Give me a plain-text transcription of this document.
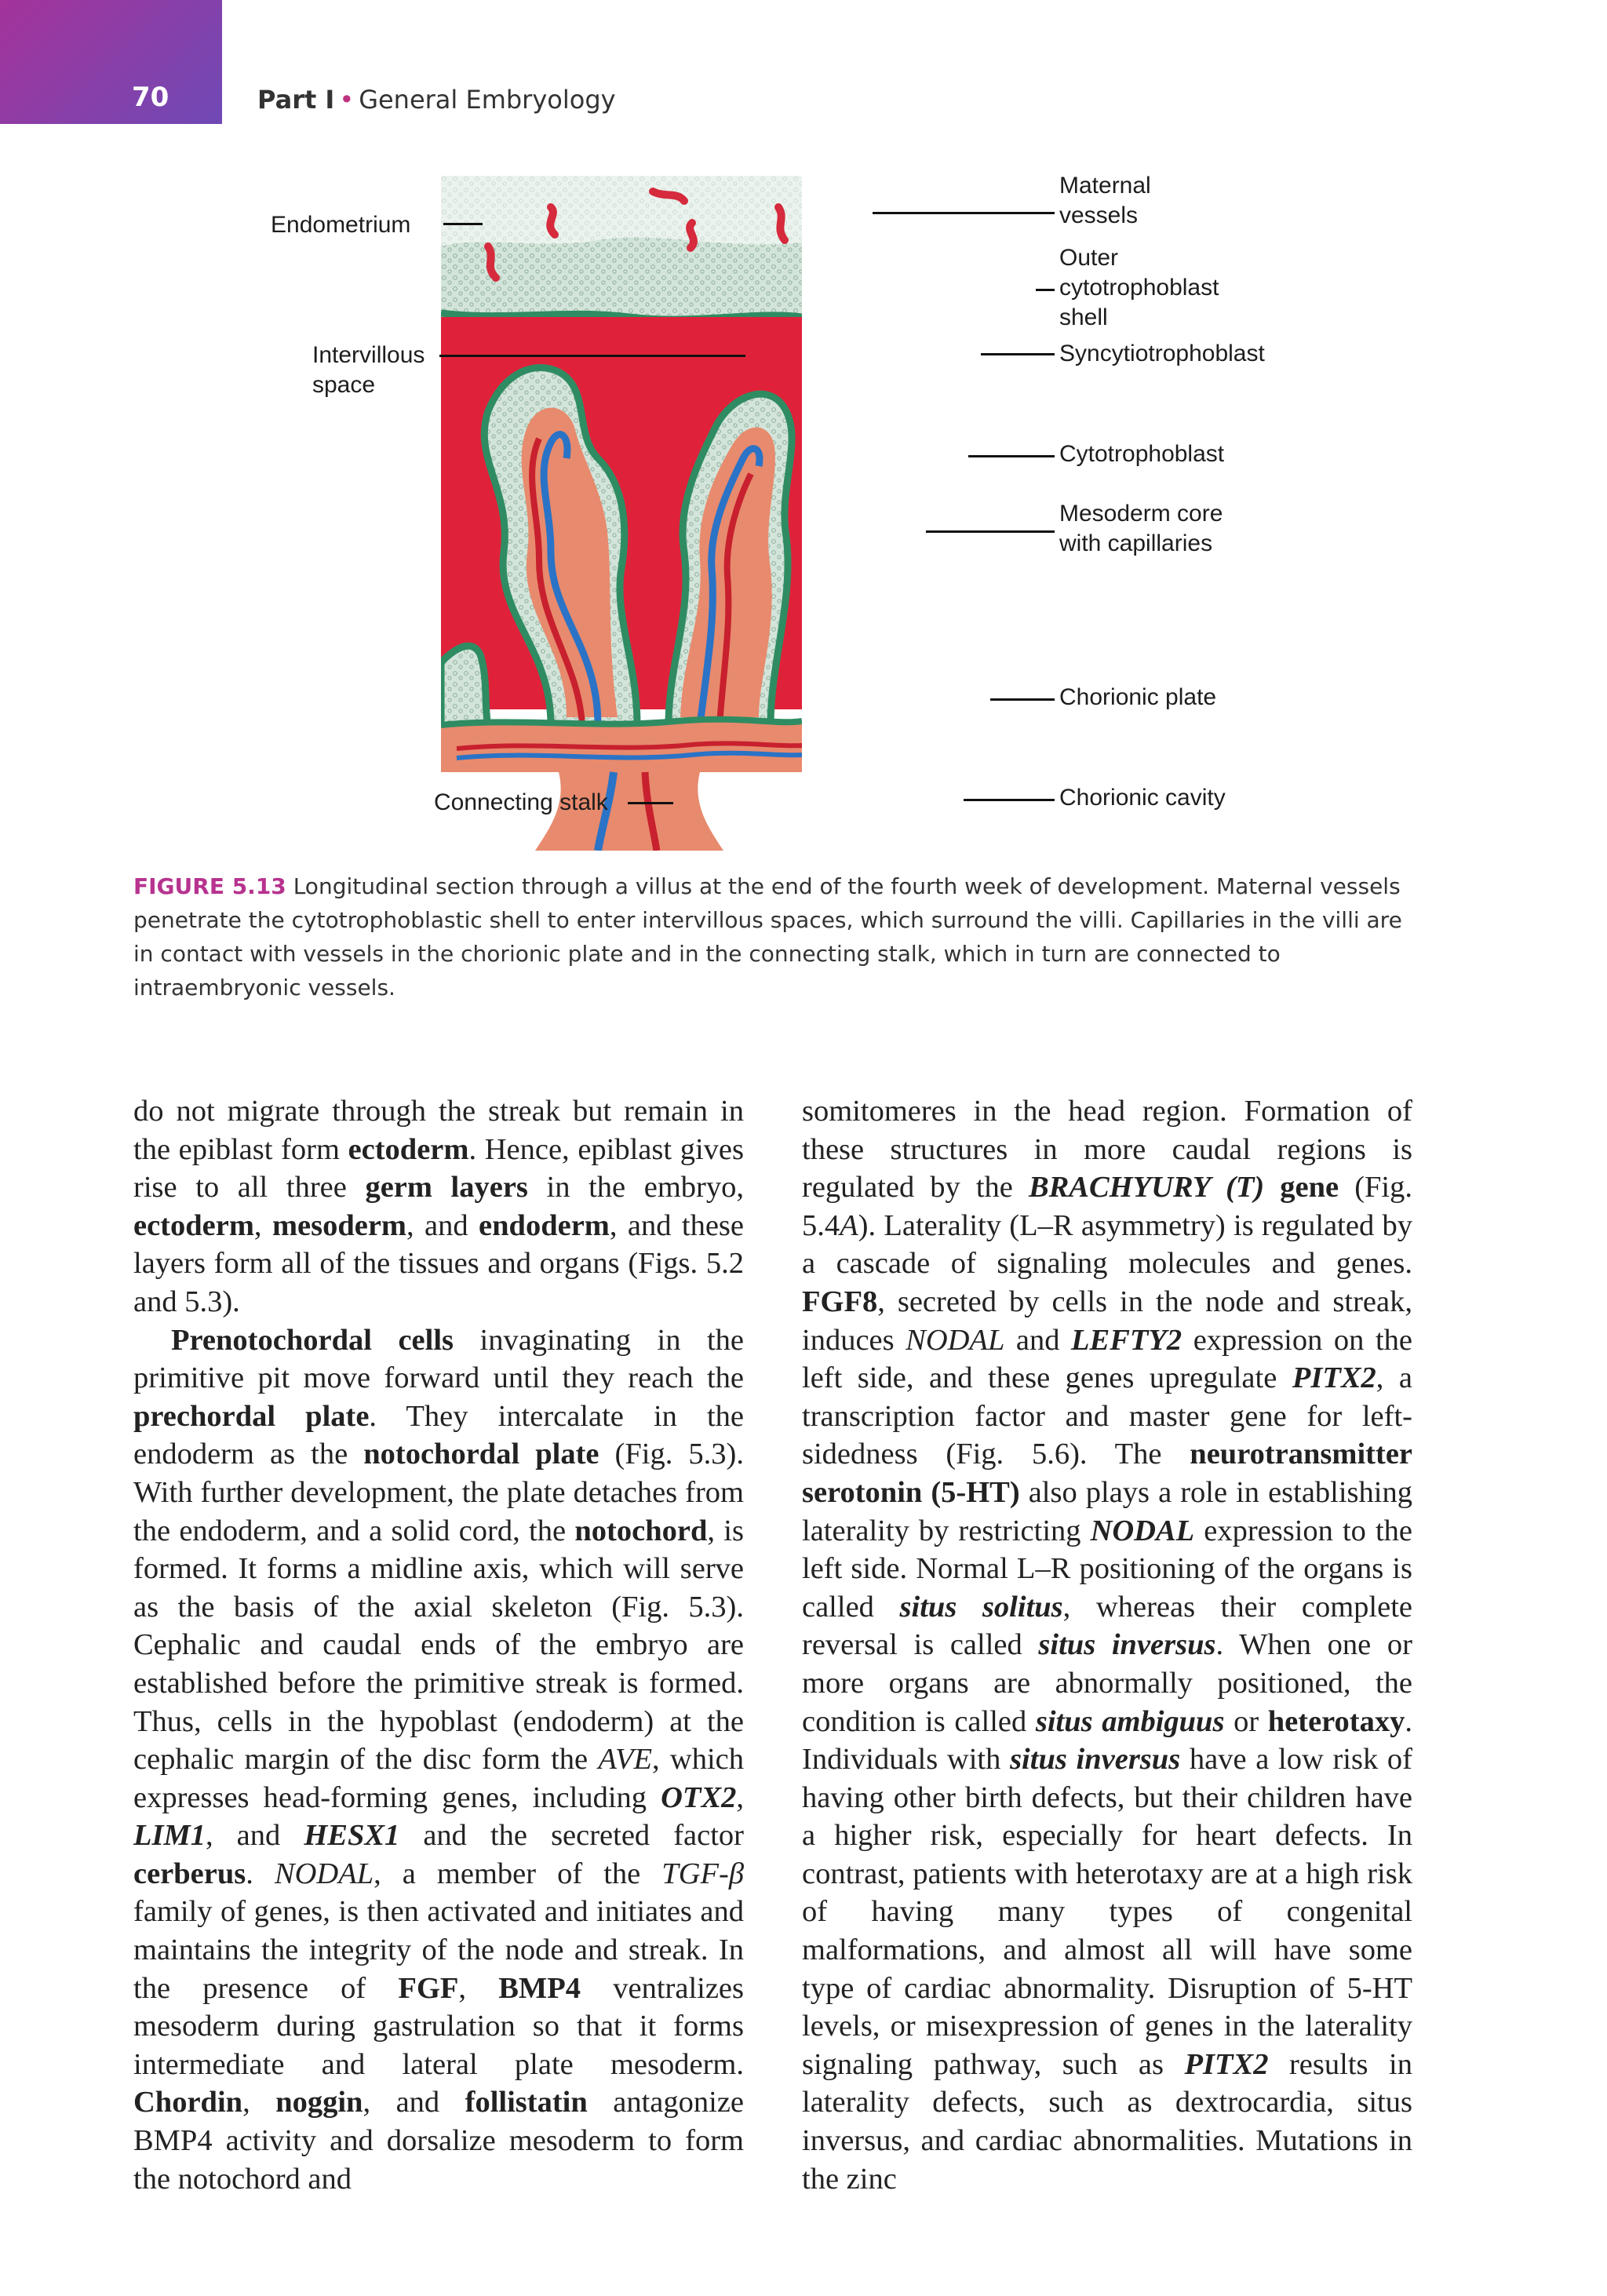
70	Part I • General Embryology
Endometrium
Intervillous
space
Connecting stalk
Maternal
vessels
Outer
cytotrophoblast
shell
Syncytiotrophoblast
Cytotrophoblast
Mesoderm core
with capillaries
Chorionic plate
Chorionic cavity
FIGURE 5.13 Longitudinal section through a villus at the end of the fourth week of development. Maternal vessels penetrate the cytotrophoblastic shell to enter intervillous spaces, which surround the villi. Capillaries in the villi are in contact with vessels in the chorionic plate and in the connecting stalk, which in turn are connected to intraembryonic vessels.

do not migrate through the streak but remain in the epiblast form ectoderm. Hence, epiblast gives rise to all three germ layers in the embryo, ectoderm, mesoderm, and endoderm, and these layers form all of the tissues and organs (Figs. 5.2 and 5.3).

Prenotochordal cells invaginating in the primitive pit move forward until they reach the prechordal plate. They intercalate in the endoderm as the notochordal plate (Fig. 5.3). With further development, the plate detaches from the endoderm, and a solid cord, the notochord, is formed. It forms a midline axis, which will serve as the basis of the axial skeleton (Fig. 5.3). Cephalic and caudal ends of the embryo are established before the primitive streak is formed. Thus, cells in the hypoblast (endoderm) at the cephalic margin of the disc form the AVE, which expresses head-forming genes, including OTX2, LIM1, and HESX1 and the secreted factor cerberus. NODAL, a member of the TGF-β family of genes, is then activated and initiates and maintains the integrity of the node and streak. In the presence of FGF, BMP4 ventralizes mesoderm during gastrulation so that it forms intermediate and lateral plate mesoderm. Chordin, noggin, and follistatin antagonize BMP4 activity and dorsalize mesoderm to form the notochord and

somitomeres in the head region. Formation of these structures in more caudal regions is regulated by the BRACHYURY (T) gene (Fig. 5.4A). Laterality (L–R asymmetry) is regulated by a cascade of signaling molecules and genes. FGF8, secreted by cells in the node and streak, induces NODAL and LEFTY2 expression on the left side, and these genes upregulate PITX2, a transcription factor and master gene for left-sidedness (Fig. 5.6). The neurotransmitter serotonin (5-HT) also plays a role in establishing laterality by restricting NODAL expression to the left side. Normal L–R positioning of the organs is called situs solitus, whereas their complete reversal is called situs inversus. When one or more organs are abnormally positioned, the condition is called situs ambiguus or heterotaxy. Individuals with situs inversus have a low risk of having other birth defects, but their children have a higher risk, especially for heart defects. In contrast, patients with heterotaxy are at a high risk of having many types of congenital malformations, and almost all will have some type of cardiac abnormality. Disruption of 5-HT levels, or misexpression of genes in the laterality signaling pathway, such as PITX2 results in laterality defects, such as dextrocardia, situs inversus, and cardiac abnormalities. Mutations in the zinc
